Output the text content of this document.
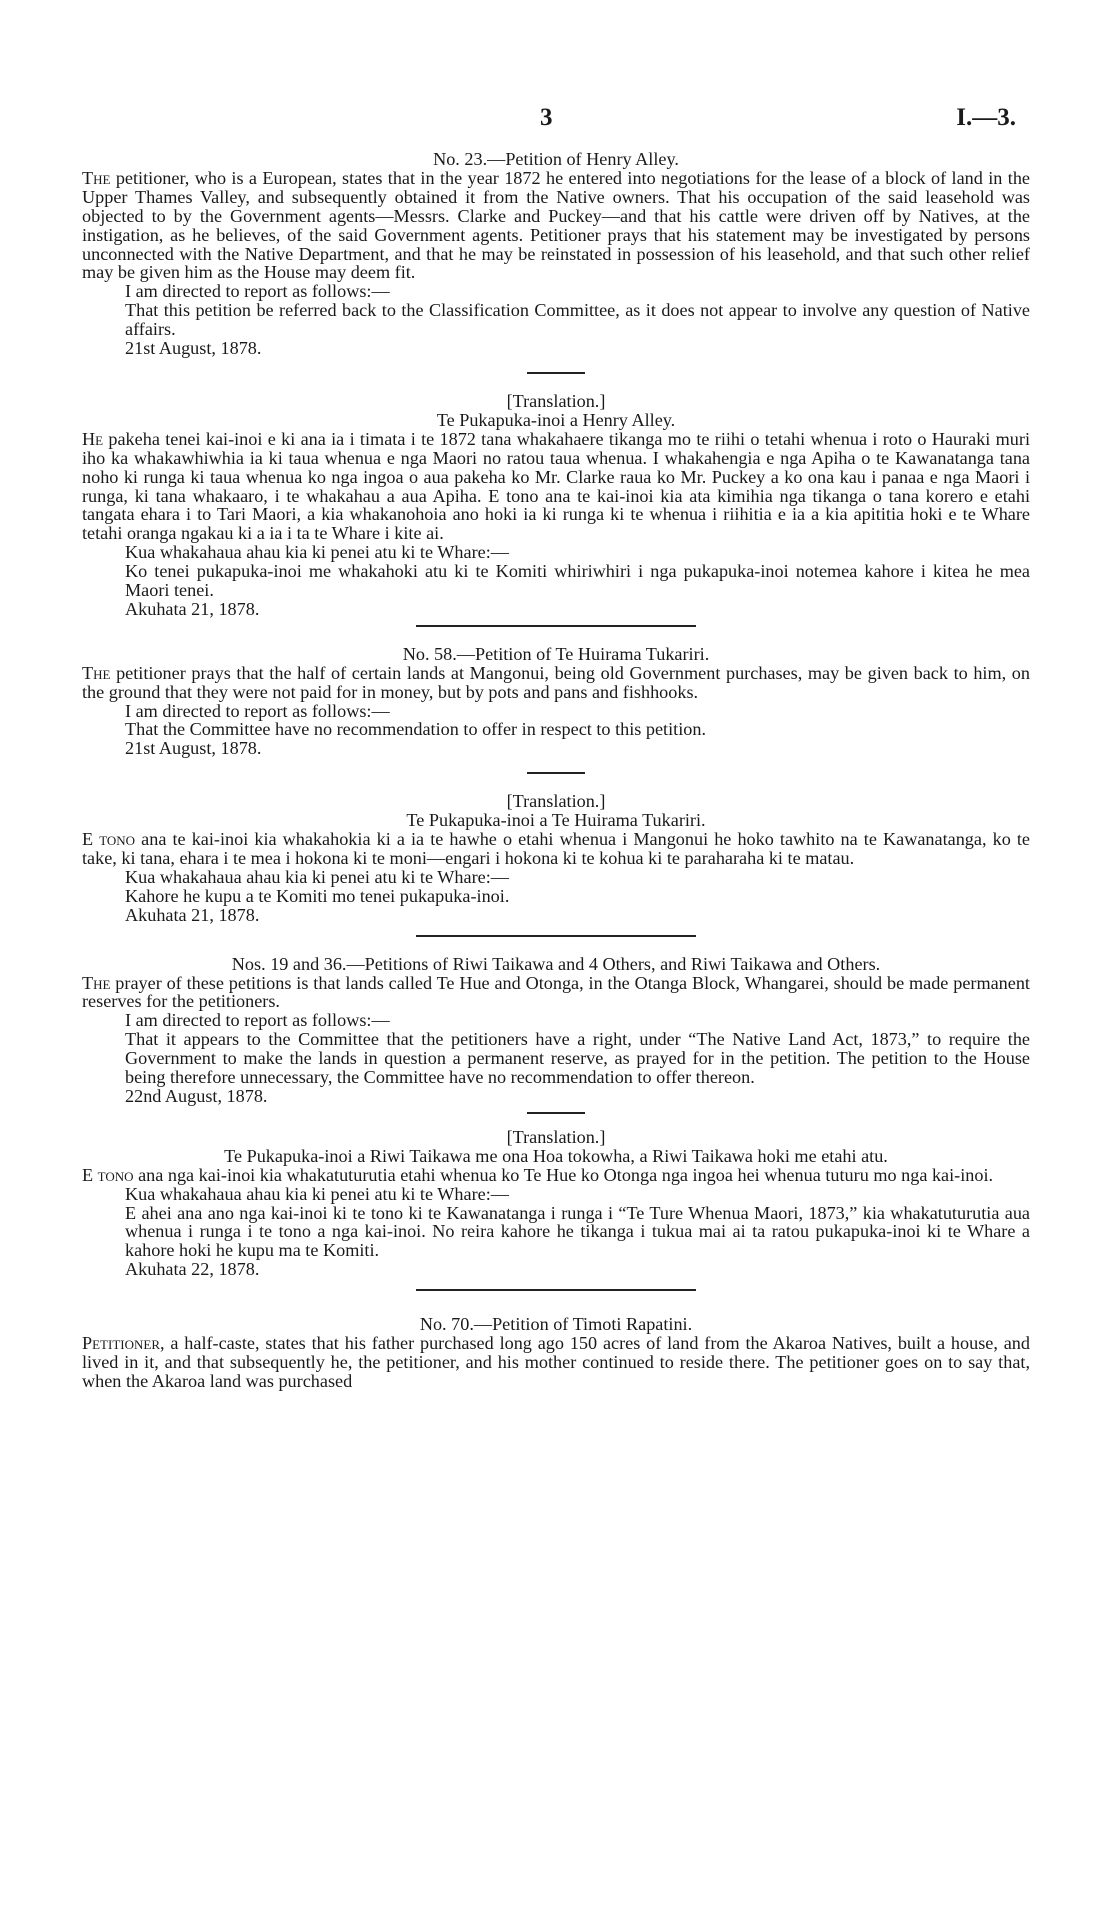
3	I.—3.
No. 23.—Petition of Henry Alley.

The petitioner, who is a European, states that in the year 1872 he entered into negotiations for the lease of a block of land in the Upper Thames Valley, and subsequently obtained it from the Native owners. That his occupation of the said leasehold was objected to by the Government agents—Messrs. Clarke and Puckey—and that his cattle were driven off by Natives, at the instigation, as he believes, of the said Government agents. Petitioner prays that his statement may be investigated by persons unconnected with the Native Department, and that he may be reinstated in possession of his leasehold, and that such other relief may be given him as the House may deem fit.

I am directed to report as follows:—

That this petition be referred back to the Classification Committee, as it does not appear to involve any question of Native affairs.

21st August, 1878.

[Translation.]
Te Pukapuka-inoi a Henry Alley.

He pakeha tenei kai-inoi e ki ana ia i timata i te 1872 tana whakahaere tikanga mo te riihi o tetahi whenua i roto o Hauraki muri iho ka whakawhiwhia ia ki taua whenua e nga Maori no ratou taua whenua. I whakahengia e nga Apiha o te Kawanatanga tana noho ki runga ki taua whenua ko nga ingoa o aua pakeha ko Mr. Clarke raua ko Mr. Puckey a ko ona kau i panaa e nga Maori i runga, ki tana whakaaro, i te whakahau a aua Apiha. E tono ana te kai-inoi kia ata kimihia nga tikanga o tana korero e etahi tangata ehara i to Tari Maori, a kia whakanohoia ano hoki ia ki runga ki te whenua i riihitia e ia a kia apititia hoki e te Whare tetahi oranga ngakau ki a ia i ta te Whare i kite ai.

Kua whakahaua ahau kia ki penei atu ki te Whare:—

Ko tenei pukapuka-inoi me whakahoki atu ki te Komiti whiriwhiri i nga pukapuka-inoi notemea kahore i kitea he mea Maori tenei.

Akuhata 21, 1878.

No. 58.—Petition of Te Huirama Tukariri.

The petitioner prays that the half of certain lands at Mangonui, being old Government purchases, may be given back to him, on the ground that they were not paid for in money, but by pots and pans and fishhooks.

I am directed to report as follows:—

That the Committee have no recommendation to offer in respect to this petition.

21st August, 1878.

[Translation.]
Te Pukapuka-inoi a Te Huirama Tukariri.

E tono ana te kai-inoi kia whakahokia ki a ia te hawhe o etahi whenua i Mangonui he hoko tawhito na te Kawanatanga, ko te take, ki tana, ehara i te mea i hokona ki te moni—engari i hokona ki te kohua ki te paraharaha ki te matau.

Kua whakahaua ahau kia ki penei atu ki te Whare:—

Kahore he kupu a te Komiti mo tenei pukapuka-inoi.

Akuhata 21, 1878.

Nos. 19 and 36.—Petitions of Riwi Taikawa and 4 Others, and Riwi Taikawa and Others.

The prayer of these petitions is that lands called Te Hue and Otonga, in the Otanga Block, Whangarei, should be made permanent reserves for the petitioners.

I am directed to report as follows:—

That it appears to the Committee that the petitioners have a right, under “The Native Land Act, 1873,” to require the Government to make the lands in question a permanent reserve, as prayed for in the petition. The petition to the House being therefore unnecessary, the Committee have no recommendation to offer thereon.

22nd August, 1878.

[Translation.]
Te Pukapuka-inoi a Riwi Taikawa me ona Hoa tokowha, a Riwi Taikawa hoki me etahi atu.

E tono ana nga kai-inoi kia whakatuturutia etahi whenua ko Te Hue ko Otonga nga ingoa hei whenua tuturu mo nga kai-inoi.

Kua whakahaua ahau kia ki penei atu ki te Whare:—

E ahei ana ano nga kai-inoi ki te tono ki te Kawanatanga i runga i “Te Ture Whenua Maori, 1873,” kia whakatuturutia aua whenua i runga i te tono a nga kai-inoi. No reira kahore he tikanga i tukua mai ai ta ratou pukapuka-inoi ki te Whare a kahore hoki he kupu ma te Komiti.

Akuhata 22, 1878.

No. 70.—Petition of Timoti Rapatini.

Petitioner, a half-caste, states that his father purchased long ago 150 acres of land from the Akaroa Natives, built a house, and lived in it, and that subsequently he, the petitioner, and his mother continued to reside there. The petitioner goes on to say that, when the Akaroa land was purchased
